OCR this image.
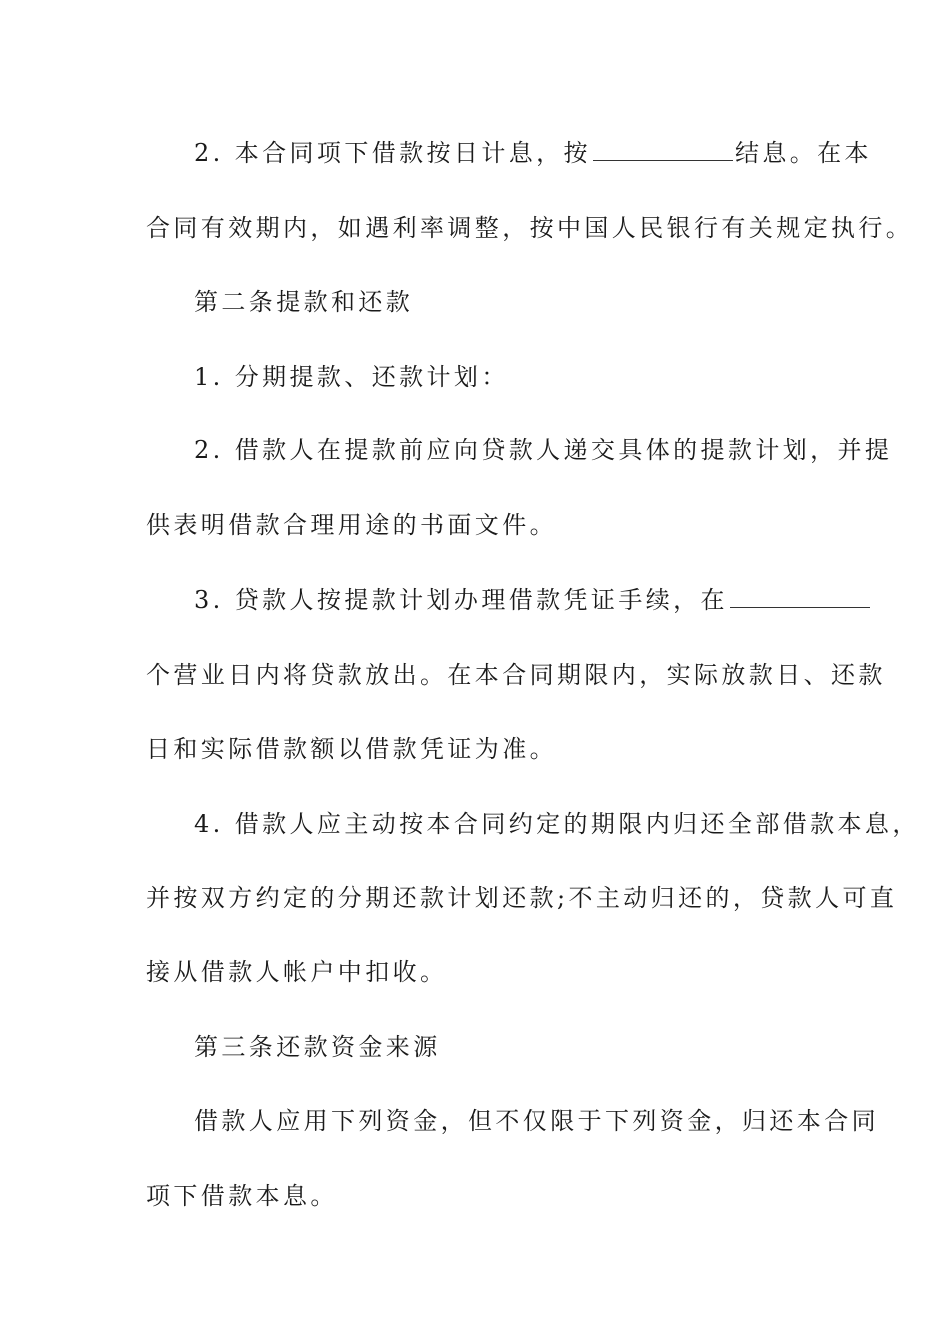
2. 本合同项下借款按日计息，按	结息。在本
合同有效期内，如遇利率调整，按中国人民银行有关规定执行。
第二条提款和还款
1. 分期提款、还款计划：
2. 借款人在提款前应向贷款人递交具体的提款计划，并提
供表明借款合理用途的书面文件。
3. 贷款人按提款计划办理借款凭证手续，在
个营业日内将贷款放出。在本合同期限内，实际放款日、还款
日和实际借款额以借款凭证为准。
4. 借款人应主动按本合同约定的期限内归还全部借款本息，
并按双方约定的分期还款计划还款;不主动归还的，贷款人可直
接从借款人帐户中扣收。
第三条还款资金来源
借款人应用下列资金，但不仅限于下列资金，归还本合同
项下借款本息。
